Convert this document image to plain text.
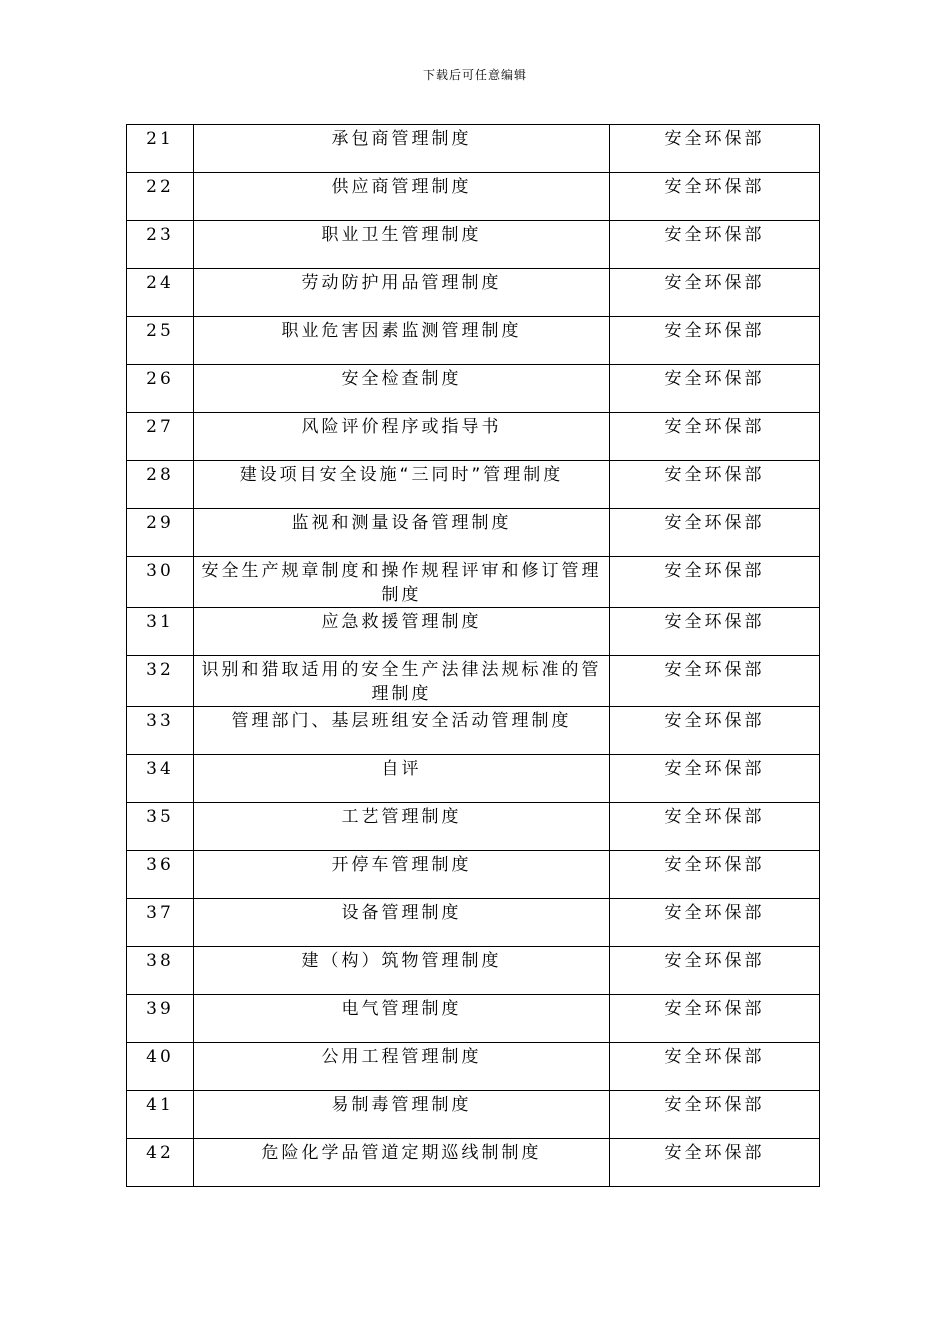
下载后可任意编辑
21	承包商管理制度	安全环保部
22	供应商管理制度	安全环保部
23	职业卫生管理制度	安全环保部
24	劳动防护用品管理制度	安全环保部
25	职业危害因素监测管理制度	安全环保部
26	安全检查制度	安全环保部
27	风险评价程序或指导书	安全环保部
28	建设项目安全设施“三同时”管理制度	安全环保部
29	监视和测量设备管理制度	安全环保部
30	安全生产规章制度和操作规程评审和修订管理制度	安全环保部
31	应急救援管理制度	安全环保部
32	识别和猎取适用的安全生产法律法规标准的管理制度	安全环保部
33	管理部门、基层班组安全活动管理制度	安全环保部
34	自评	安全环保部
35	工艺管理制度	安全环保部
36	开停车管理制度	安全环保部
37	设备管理制度	安全环保部
38	建（构）筑物管理制度	安全环保部
39	电气管理制度	安全环保部
40	公用工程管理制度	安全环保部
41	易制毒管理制度	安全环保部
42	危险化学品管道定期巡线制制度	安全环保部
